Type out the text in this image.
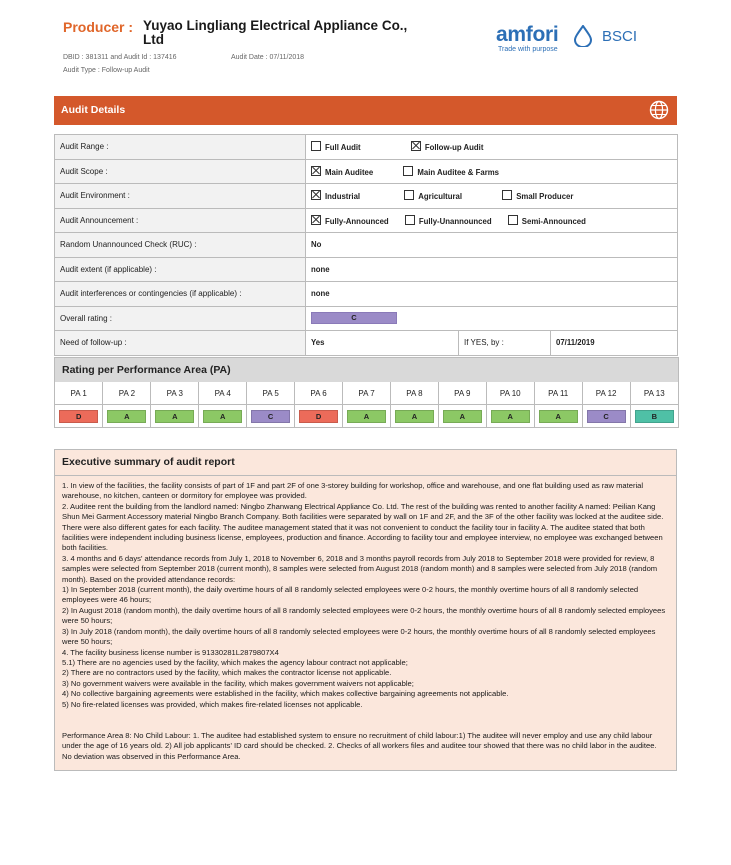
Producer : Yuyao Lingliang Electrical Appliance Co., Ltd
DBID : 381311 and Audit Id : 137416	Audit Date : 07/11/2018
Audit Type : Follow-up Audit
amfori
Trade with purpose
BSCI
Audit Details
Audit Range :	Full Audit Follow-up Audit		
Audit Scope :	Main Auditee Main Auditee & Farms		
Audit Environment :	Industrial Agricultural Small Producer		
Audit Announcement :	Fully-Announced Fully-Unannounced Semi-Announced		
Random Unannounced Check (RUC) :	No		
Audit extent (if applicable) :	none		
Audit interferences or contingencies (if applicable) :	none		
Overall rating :	C		
Need of follow-up :	Yes	If YES, by :	07/11/2019
Rating per Performance Area (PA)
PA 1	PA 2	PA 3	PA 4	PA 5	PA 6	PA 7	PA 8	PA 9	PA 10	PA 11	PA 12	PA 13
D	A	A	A	C	D	A	A	A	A	A	C	B
Executive summary of audit report

1. In view of the facilities, the facility consists of part of 1F and part 2F of one 3-storey building for workshop, office and warehouse, and one flat building used as raw material warehouse, no kitchen, canteen or dormitory for employee was provided.

2. Auditee rent the building from the landlord named: Ningbo Zhanwang Electrical Appliance Co. Ltd. The rest of the building was rented to another facility A named: Peilian Kang Shun Mei Garment Accessory material Ningbo Branch Company. Both facilities were separated by wall on 1F and 2F, and the 3F of the other facility was locked at the auditee side. There were also different gates for each facility. The auditee management stated that it was not convenient to conduct the facility tour in facility A. The auditee stated that both facilities were independent including business license, employees, production and finance. According to facility tour and employee interview, no employee was exchanged between both facilities.

3. 4 months and 6 days' attendance records from July 1, 2018 to November 6, 2018 and 3 months payroll records from July 2018 to September 2018 were provided for review, 8 samples were selected from September 2018 (current month), 8 samples were selected from August 2018 (random month) and 8 samples were selected from July 2018 (random month). Based on the provided attendance records:

1) In September 2018 (current month), the daily overtime hours of all 8 randomly selected employees were 0-2 hours, the monthly overtime hours of all 8 randomly selected employees were 46 hours;

2) In August 2018 (random month), the daily overtime hours of all 8 randomly selected employees were 0-2 hours, the monthly overtime hours of all 8 randomly selected employees were 50 hours;

3) In July 2018 (random month), the daily overtime hours of all 8 randomly selected employees were 0-2 hours, the monthly overtime hours of all 8 randomly selected employees were 50 hours;

4. The facility business license number is 91330281L2879807X4

5.1) There are no agencies used by the facility, which makes the agency labour contract not applicable;

2) There are no contractors used by the facility, which makes the contractor license not applicable.

3) No government waivers were available in the facility, which makes government waivers not applicable;

4) No collective bargaining agreements were established in the facility, which makes collective bargaining agreements not applicable.

5) No fire-related licenses was provided, which makes fire-related licenses not applicable.

Performance Area 8: No Child Labour: 1. The auditee had established system to ensure no recruitment of child labour:1) The auditee will never employ and use any child labour under the age of 16 years old. 2) All job applicants' ID card should be checked. 2. Checks of all workers files and auditee tour showed that there was no child labor in the auditee. No deviation was observed in this Performance Area.
